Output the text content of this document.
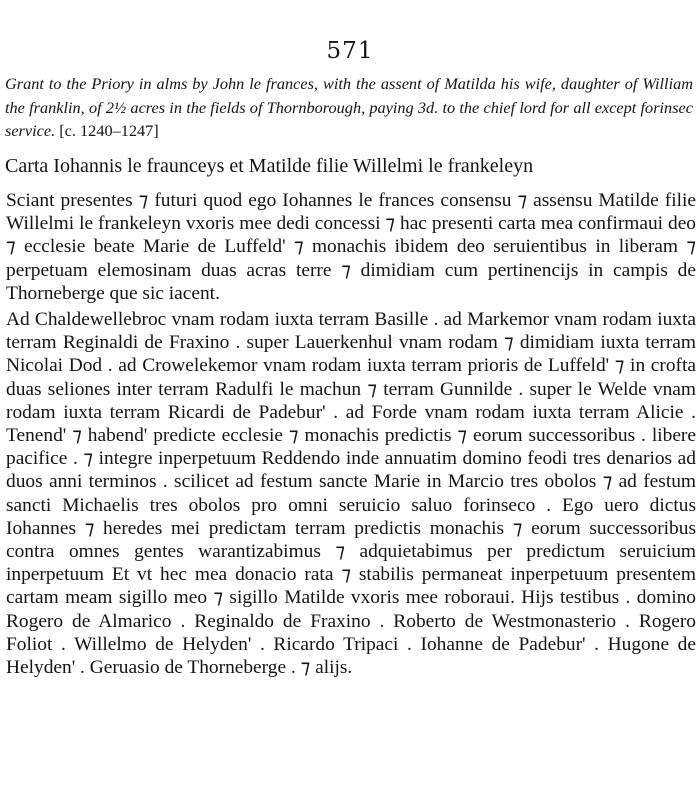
571
Grant to the Priory in alms by John le frances, with the assent of Matilda his wife, daughter of William the franklin, of 2½ acres in the fields of Thornborough, paying 3d. to the chief lord for all except forinsec service. [c. 1240–1247]
Carta Iohannis le fraunceys et Matilde filie Willelmi le frankeleyn

Sciant presentes ⁊ futuri quod ego Iohannes le frances consensu ⁊ assensu Matilde filie Willelmi le frankeleyn vxoris mee dedi concessi ⁊ hac presenti carta mea confirmaui deo ⁊ ecclesie beate Marie de Luffeld' ⁊ monachis ibidem deo seruientibus in liberam ⁊ perpetuam elemosinam duas acras terre ⁊ dimidiam cum pertinencijs in campis de Thorneberge que sic iacent.

Ad Chaldewellebroc vnam rodam iuxta terram Basille . ad Markemor vnam rodam iuxta terram Reginaldi de Fraxino . super Lauerkenhul vnam rodam ⁊ dimidiam iuxta terram Nicolai Dod . ad Crowelekemor vnam rodam iuxta terram prioris de Luffeld' ⁊ in crofta duas seliones inter terram Radulfi le machun ⁊ terram Gunnilde . super le Welde vnam rodam iuxta terram Ricardi de Padebur' . ad Forde vnam rodam iuxta terram Alicie . Tenend' ⁊ habend' predicte ecclesie ⁊ monachis predictis ⁊ eorum successoribus . libere pacifice . ⁊ integre inperpetuum Reddendo inde annuatim domino feodi tres denarios ad duos anni terminos . scilicet ad festum sancte Marie in Marcio tres obolos ⁊ ad festum sancti Michaelis tres obolos pro omni seruicio saluo forinseco . Ego uero dictus Iohannes ⁊ heredes mei predictam terram predictis monachis ⁊ eorum successoribus contra omnes gentes warantizabimus ⁊ adquietabimus per predictum seruicium inperpetuum Et vt hec mea donacio rata ⁊ stabilis permaneat inperpetuum presentem cartam meam sigillo meo ⁊ sigillo Matilde vxoris mee roboraui. Hijs testibus . domino Rogero de Almarico . Reginaldo de Fraxino . Roberto de Westmonasterio . Rogero Foliot . Willelmo de Helyden' . Ricardo Tripaci . Iohanne de Padebur' . Hugone de Helyden' . Geruasio de Thorneberge . ⁊ alijs.
